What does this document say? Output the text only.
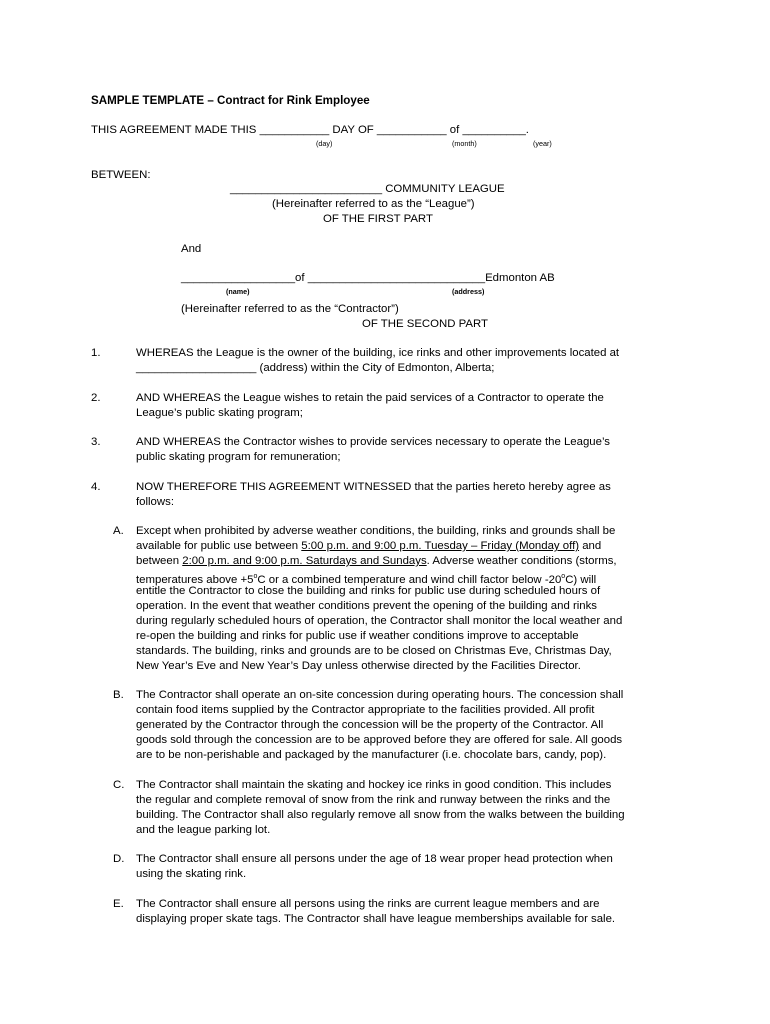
SAMPLE TEMPLATE – Contract for Rink Employee
THIS AGREEMENT MADE THIS ___________ DAY OF ___________ of __________.
(day)	(month)	(year)
BETWEEN:
________________________ COMMUNITY LEAGUE
(Hereinafter referred to as the “League”)
OF THE FIRST PART
And
__________________of ____________________________Edmonton AB
(name)	(address)
(Hereinafter referred to as the “Contractor”)
OF THE SECOND PART
1.	WHEREAS the League is the owner of the building, ice rinks and other improvements located at
___________________ (address) within the City of Edmonton, Alberta;
2.	AND WHEREAS the League wishes to retain the paid services of a Contractor to operate the
League’s public skating program;
3.	AND WHEREAS the Contractor wishes to provide services necessary to operate the League’s
public skating program for remuneration;
4.	NOW THEREFORE THIS AGREEMENT WITNESSED that the parties hereto hereby agree as
follows:
A. Except when prohibited by adverse weather conditions, the building, rinks and grounds shall be
available for public use between 5:00 p.m. and 9:00 p.m. Tuesday – Friday (Monday off) and
between 2:00 p.m. and 9:00 p.m. Saturdays and Sundays. Adverse weather conditions (storms,
temperatures above $+5^oC$ or a combined temperature and wind chill factor below -20$^o$C) will
entitle the Contractor to close the building and rinks for public use during scheduled hours of
operation. In the event that weather conditions prevent the opening of the building and rinks
during regularly scheduled hours of operation, the Contractor shall monitor the local weather and
re-open the building and rinks for public use if weather conditions improve to acceptable
standards. The building, rinks and grounds are to be closed on Christmas Eve, Christmas Day,
New Year’s Eve and New Year’s Day unless otherwise directed by the Facilities Director.
B. The Contractor shall operate an on-site concession during operating hours. The concession shall
contain food items supplied by the Contractor appropriate to the facilities provided. All profit
generated by the Contractor through the concession will be the property of the Contractor. All
goods sold through the concession are to be approved before they are offered for sale. All goods
are to be non-perishable and packaged by the manufacturer (i.e. chocolate bars, candy, pop).
C. The Contractor shall maintain the skating and hockey ice rinks in good condition. This includes
the regular and complete removal of snow from the rink and runway between the rinks and the
building. The Contractor shall also regularly remove all snow from the walks between the building
and the league parking lot.
D. The Contractor shall ensure all persons under the age of 18 wear proper head protection when
using the skating rink.
E. The Contractor shall ensure all persons using the rinks are current league members and are
displaying proper skate tags. The Contractor shall have league memberships available for sale.
